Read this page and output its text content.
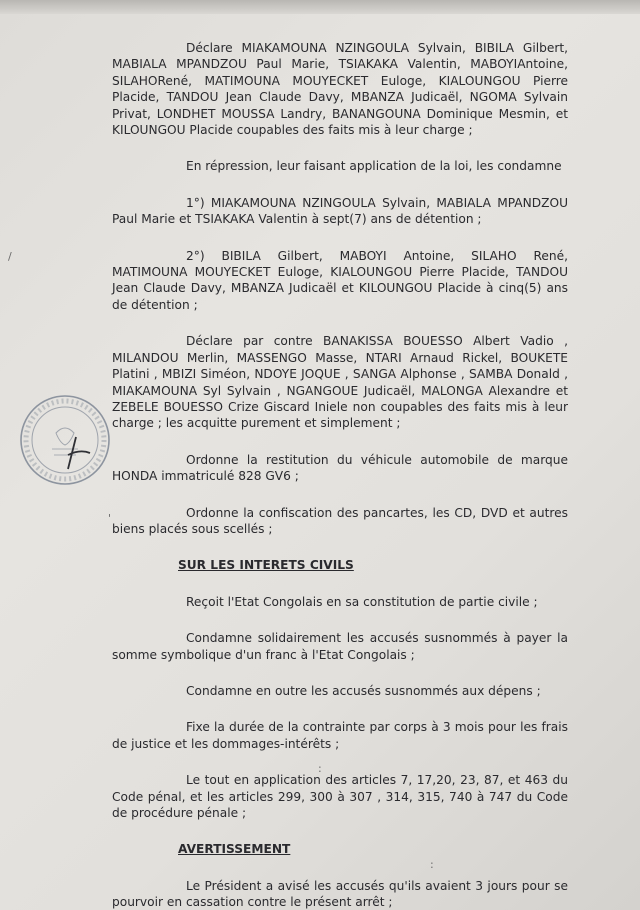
Déclare MIAKAMOUNA NZINGOULA Sylvain, BIBILA Gilbert, MABIALA MPANDZOU Paul Marie, TSIAKAKA Valentin, MABOYIAntoine, SILAHORené, MATIMOUNA MOUYECKET Euloge, KIALOUNGOU Pierre Placide, TANDOU Jean Claude Davy, MBANZA Judicaël, NGOMA Sylvain Privat, LONDHET MOUSSA Landry, BANANGOUNA Dominique Mesmin, et KILOUNGOU Placide coupables des faits mis à leur charge ;

En répression, leur faisant application de la loi, les condamne

1°) MIAKAMOUNA NZINGOULA Sylvain, MABIALA MPANDZOU Paul Marie et TSIAKAKA Valentin à sept(7) ans de détention ;

2°) BIBILA Gilbert, MABOYI Antoine, SILAHO René, MATIMOUNA MOUYECKET Euloge, KIALOUNGOU Pierre Placide, TANDOU Jean Claude Davy, MBANZA Judicaël et KILOUNGOU Placide à cinq(5) ans de détention ;

Déclare par contre BANAKISSA BOUESSO Albert Vadio , MILANDOU Merlin, MASSENGO Masse, NTARI Arnaud Rickel, BOUKETE Platini , MBIZI Siméon, NDOYE JOQUE , SANGA Alphonse , SAMBA Donald , MIAKAMOUNA Syl Sylvain , NGANGOUE Judicaël, MALONGA Alexandre et ZEBELE BOUESSO Crize Giscard Iniele non coupables des faits mis à leur charge ; les acquitte purement et simplement ;

Ordonne la restitution du véhicule automobile de marque HONDA immatriculé 828 GV6 ;

Ordonne la confiscation des pancartes, les CD, DVD et autres biens placés sous scellés ;

SUR LES INTERETS CIVILS

Reçoit l'Etat Congolais en sa constitution de partie civile ;

Condamne solidairement les accusés susnommés à payer la somme symbolique d'un franc à l'Etat Congolais ;

Condamne en outre les accusés susnommés aux dépens ;

Fixe la durée de la contrainte par corps à 3 mois pour les frais de justice et les dommages-intérêts ;

Le tout en application des articles 7, 17,20, 23, 87, et 463 du Code pénal, et les articles 299, 300 à 307 , 314, 315, 740 à 747 du Code de procédure pénale ;

AVERTISSEMENT

Le Président a avisé les accusés qu'ils avaient 3 jours pour se pourvoir en cassation contre le présent arrêt ;

/
'
:
:
